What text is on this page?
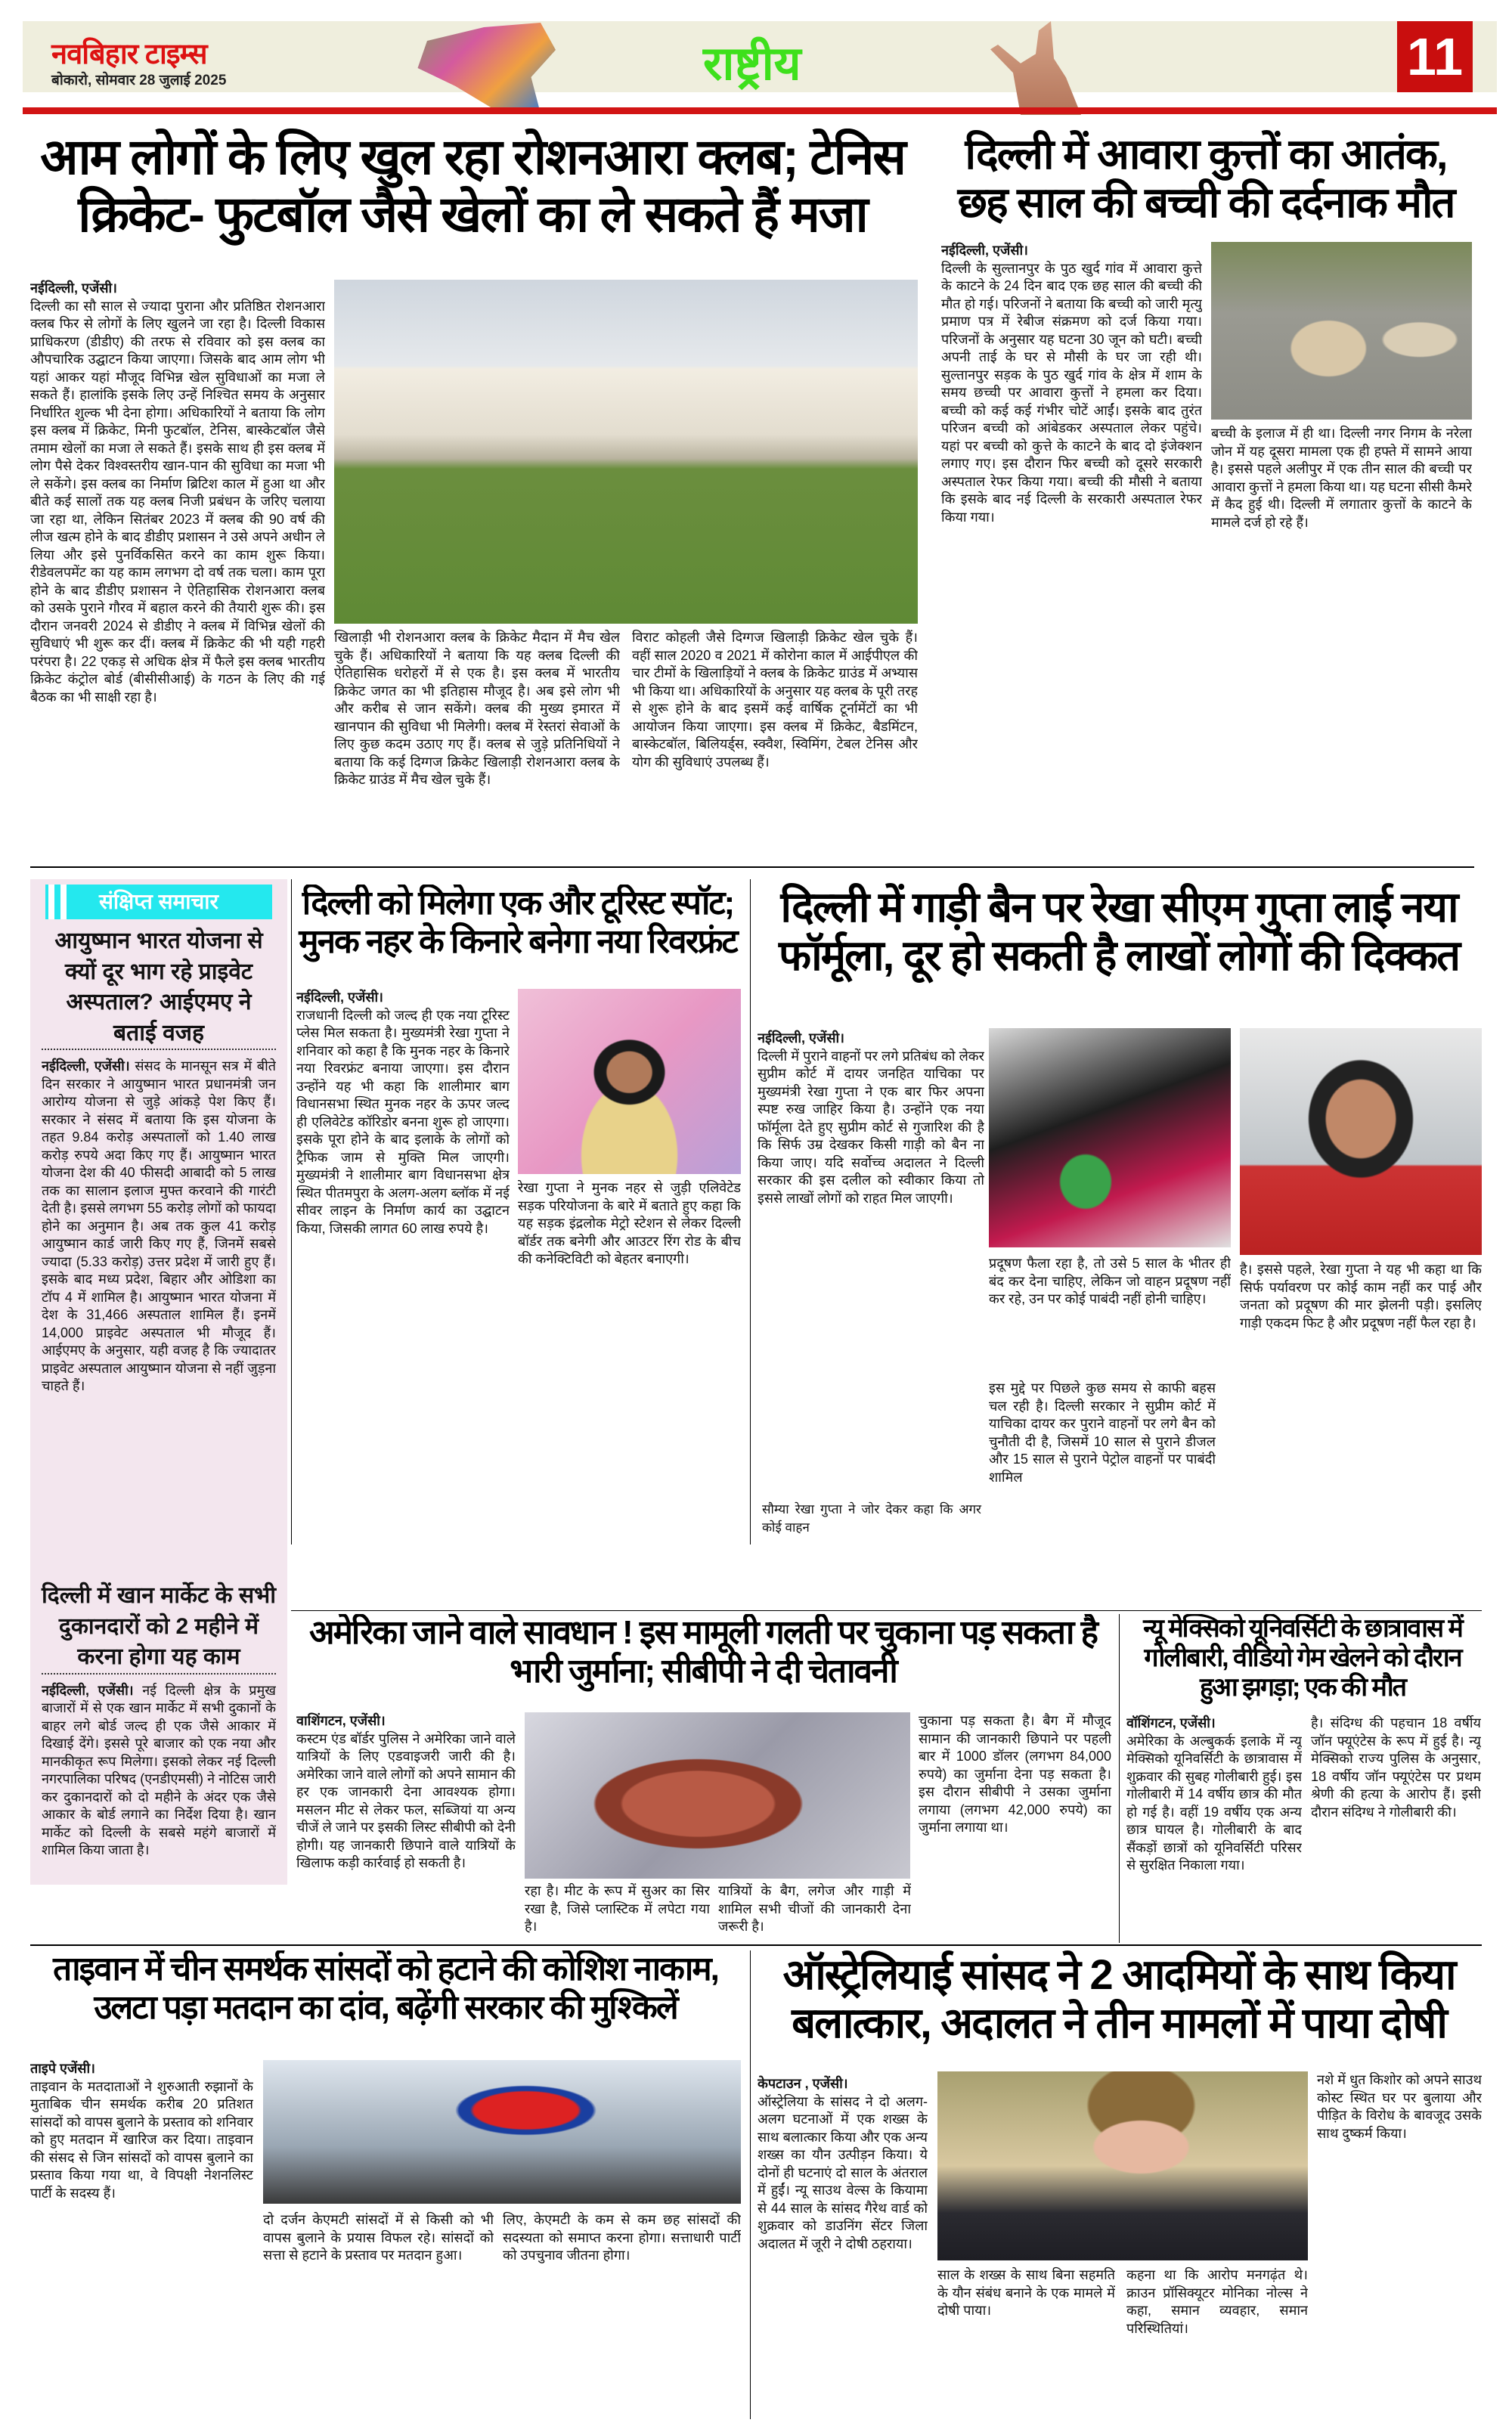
नवबिहार टाइम्स
बोकारो, सोमवार 28 जुलाई 2025	राष्ट्रीय	11
आम लोगों के लिए खुल रहा रोशनआरा क्लब; टेनिस क्रिकेट- फुटबॉल जैसे खेलों का ले सकते हैं मजा
नईदिल्ली, एजेंसी।
दिल्ली का सौ साल से ज्यादा पुराना और प्रतिष्ठित रोशनआरा क्लब फिर से लोगों के लिए खुलने जा रहा है। दिल्ली विकास प्राधिकरण (डीडीए) की तरफ से रविवार को इस क्लब का औपचारिक उद्घाटन किया जाएगा। जिसके बाद आम लोग भी यहां आकर यहां मौजूद विभिन्न खेल सुविधाओं का मजा ले सकते हैं। हालांकि इसके लिए उन्हें निश्चित समय के अनुसार निर्धारित शुल्क भी देना होगा। अधिकारियों ने बताया कि लोग इस क्लब में क्रिकेट, मिनी फुटबॉल, टेनिस, बास्केटबॉल जैसे तमाम खेलों का मजा ले सकते हैं। इसके साथ ही इस क्लब में लोग पैसे देकर विश्वस्तरीय खान-पान की सुविधा का मजा भी ले सकेंगे। इस क्लब का निर्माण ब्रिटिश काल में हुआ था और बीते कई सालों तक यह क्लब निजी प्रबंधन के जरिए चलाया जा रहा था, लेकिन सितंबर 2023 में क्लब की 90 वर्ष की लीज खत्म होने के बाद डीडीए प्रशासन ने उसे अपने अधीन ले लिया और इसे पुनर्विकसित करने का काम शुरू किया। रीडेवलपमेंट का यह काम लगभग दो वर्ष तक चला। काम पूरा होने के बाद डीडीए प्रशासन ने ऐतिहासिक रोशनआरा क्लब को उसके पुराने गौरव में बहाल करने की तैयारी शुरू की। इस दौरान जनवरी 2024 से डीडीए ने क्लब में विभिन्न खेलों की सुविधाएं भी शुरू कर दीं। क्लब में क्रिकेट की भी यही गहरी परंपरा है। 22 एकड़ से अधिक क्षेत्र में फैले इस क्लब भारतीय क्रिकेट कंट्रोल बोर्ड (बीसीसीआई) के गठन के लिए की गई बैठक का भी साक्षी रहा है।
खिलाड़ी भी रोशनआरा क्लब के क्रिकेट मैदान में मैच खेल चुके हैं। अधिकारियों ने बताया कि यह क्लब दिल्ली की ऐतिहासिक धरोहरों में से एक है। इस क्लब में भारतीय क्रिकेट जगत का भी इतिहास मौजूद है। अब इसे लोग भी और करीब से जान सकेंगे। क्लब की मुख्य इमारत में खानपान की सुविधा भी मिलेगी। क्लब में रेस्तरां सेवाओं के लिए कुछ कदम उठाए गए हैं। क्लब से जुड़े प्रतिनिधियों ने बताया कि कई दिग्गज क्रिकेट खिलाड़ी रोशनआरा क्लब के क्रिकेट ग्राउंड में मैच खेल चुके हैं।
विराट कोहली जैसे दिग्गज खिलाड़ी क्रिकेट खेल चुके हैं। वहीं साल 2020 व 2021 में कोरोना काल में आईपीएल की चार टीमों के खिलाड़ियों ने क्लब के क्रिकेट ग्राउंड में अभ्यास भी किया था। अधिकारियों के अनुसार यह क्लब के पूरी तरह से शुरू होने के बाद इसमें कई वार्षिक टूर्नामेंटों का भी आयोजन किया जाएगा। इस क्लब में क्रिकेट, बैडमिंटन, बास्केटबॉल, बिलियर्ड्स, स्क्वैश, स्विमिंग, टेबल टेनिस और योग की सुविधाएं उपलब्ध हैं।
दिल्ली में आवारा कुत्तों का आतंक, छह साल की बच्ची की दर्दनाक मौत
नईदिल्ली, एजेंसी।
दिल्ली के सुल्तानपुर के पुठ खुर्द गांव में आवारा कुत्ते के काटने के 24 दिन बाद एक छह साल की बच्ची की मौत हो गई। परिजनों ने बताया कि बच्ची को जारी मृत्यु प्रमाण पत्र में रेबीज संक्रमण को दर्ज किया गया। परिजनों के अनुसार यह घटना 30 जून को घटी। बच्ची अपनी ताई के घर से मौसी के घर जा रही थी। सुल्तानपुर सड़क के पुठ खुर्द गांव के क्षेत्र में शाम के समय छच्ची पर आवारा कुत्तों ने हमला कर दिया। बच्ची को कई कई गंभीर चोटें आईं। इसके बाद तुरंत परिजन बच्ची को आंबेडकर अस्पताल लेकर पहुंचे। यहां पर बच्ची को कुत्ते के काटने के बाद दो इंजेक्शन लगाए गए। इस दौरान फिर बच्ची को दूसरे सरकारी अस्पताल रेफर किया गया। बच्ची की मौसी ने बताया कि इसके बाद नई दिल्ली के सरकारी अस्पताल रेफर किया गया।
बच्ची के इलाज में ही था। दिल्ली नगर निगम के नरेला जोन में यह दूसरा मामला एक ही हफ्ते में सामने आया है। इससे पहले अलीपुर में एक तीन साल की बच्ची पर आवारा कुत्तों ने हमला किया था। यह घटना सीसी कैमरे में कैद हुई थी। दिल्ली में लगातार कुत्तों के काटने के मामले दर्ज हो रहे हैं।
संक्षिप्त समाचार
आयुष्मान भारत योजना से क्यों दूर भाग रहे प्राइवेट अस्पताल? आईएमए ने बताई वजह
नईदिल्ली, एजेंसी। संसद के मानसून सत्र में बीते दिन सरकार ने आयुष्मान भारत प्रधानमंत्री जन आरोग्य योजना से जुड़े आंकड़े पेश किए हैं। सरकार ने संसद में बताया कि इस योजना के तहत 9.84 करोड़ अस्पतालों को 1.40 लाख करोड़ रुपये अदा किए गए हैं। आयुष्मान भारत योजना देश की 40 फीसदी आबादी को 5 लाख तक का सालान इलाज मुफ्त करवाने की गारंटी देती है। इससे लगभग 55 करोड़ लोगों को फायदा होने का अनुमान है। अब तक कुल 41 करोड़ आयुष्मान कार्ड जारी किए गए हैं, जिनमें सबसे ज्यादा (5.33 करोड़) उत्तर प्रदेश में जारी हुए हैं। इसके बाद मध्य प्रदेश, बिहार और ओडिशा का टॉप 4 में शामिल है। आयुष्मान भारत योजना में देश के 31,466 अस्पताल शामिल हैं। इनमें 14,000 प्राइवेट अस्पताल भी मौजूद हैं। आईएमए के अनुसार, यही वजह है कि ज्यादातर प्राइवेट अस्पताल आयुष्मान योजना से नहीं जुड़ना चाहते हैं।
दिल्ली में खान मार्केट के सभी दुकानदारों को 2 महीने में करना होगा यह काम
नईदिल्ली, एजेंसी। नई दिल्ली क्षेत्र के प्रमुख बाजारों में से एक खान मार्केट में सभी दुकानों के बाहर लगे बोर्ड जल्द ही एक जैसे आकार में दिखाई देंगे। इससे पूरे बाजार को एक नया और मानकीकृत रूप मिलेगा। इसको लेकर नई दिल्ली नगरपालिका परिषद (एनडीएमसी) ने नोटिस जारी कर दुकानदारों को दो महीने के अंदर एक जैसे आकार के बोर्ड लगाने का निर्देश दिया है। खान मार्केट को दिल्ली के सबसे महंगे बाजारों में शामिल किया जाता है।
दिल्ली को मिलेगा एक और टूरिस्ट स्पॉट; मुनक नहर के किनारे बनेगा नया रिवरफ्रंट
नईदिल्ली, एजेंसी।
राजधानी दिल्ली को जल्द ही एक नया टूरिस्ट प्लेस मिल सकता है। मुख्यमंत्री रेखा गुप्ता ने शनिवार को कहा है कि मुनक नहर के किनारे नया रिवरफ्रंट बनाया जाएगा। इस दौरान उन्होंने यह भी कहा कि शालीमार बाग विधानसभा स्थित मुनक नहर के ऊपर जल्द ही एलिवेटेड कॉरिडोर बनना शुरू हो जाएगा। इसके पूरा होने के बाद इलाके के लोगों को ट्रैफिक जाम से मुक्ति मिल जाएगी। मुख्यमंत्री ने शालीमार बाग विधानसभा क्षेत्र स्थित पीतमपुरा के अलग-अलग ब्लॉक में नई सीवर लाइन के निर्माण कार्य का उद्घाटन किया, जिसकी लागत 60 लाख रुपये है।
रेखा गुप्ता ने मुनक नहर से जुड़ी एलिवेटेड सड़क परियोजना के बारे में बताते हुए कहा कि यह सड़क इंद्रलोक मेट्रो स्टेशन से लेकर दिल्ली बॉर्डर तक बनेगी और आउटर रिंग रोड के बीच की कनेक्टिविटी को बेहतर बनाएगी।
दिल्ली में गाड़ी बैन पर रेखा सीएम गुप्ता लाई नया फॉर्मूला, दूर हो सकती है लाखों लोगों की दिक्कत
नईदिल्ली, एजेंसी।
दिल्ली में पुराने वाहनों पर लगे प्रतिबंध को लेकर सुप्रीम कोर्ट में दायर जनहित याचिका पर मुख्यमंत्री रेखा गुप्ता ने एक बार फिर अपना स्पष्ट रुख जाहिर किया है। उन्होंने एक नया फॉर्मूला देते हुए सुप्रीम कोर्ट से गुजारिश की है कि सिर्फ उम्र देखकर किसी गाड़ी को बैन ना किया जाए। यदि सर्वोच्च अदालत ने दिल्ली सरकार की इस दलील को स्वीकार किया तो इससे लाखों लोगों को राहत मिल जाएगी।
प्रदूषण फैला रहा है, तो उसे 5 साल के भीतर ही बंद कर देना चाहिए, लेकिन जो वाहन प्रदूषण नहीं कर रहे, उन पर कोई पाबंदी नहीं होनी चाहिए।
सौम्या रेखा गुप्ता ने जोर देकर कहा कि अगर कोई वाहन
इस मुद्दे पर पिछले कुछ समय से काफी बहस चल रही है। दिल्ली सरकार ने सुप्रीम कोर्ट में याचिका दायर कर पुराने वाहनों पर लगे बैन को चुनौती दी है, जिसमें 10 साल से पुराने डीजल और 15 साल से पुराने पेट्रोल वाहनों पर पाबंदी शामिल
है। इससे पहले, रेखा गुप्ता ने यह भी कहा था कि सिर्फ पर्यावरण पर कोई काम नहीं कर पाई और जनता को प्रदूषण की मार झेलनी पड़ी। इसलिए गाड़ी एकदम फिट है और प्रदूषण नहीं फैल रहा है।
अमेरिका जाने वाले सावधान ! इस मामूली गलती पर चुकाना पड़ सकता है भारी जुर्माना; सीबीपी ने दी चेतावनी
वाशिंगटन, एजेंसी।
कस्टम एंड बॉर्डर पुलिस ने अमेरिका जाने वाले यात्रियों के लिए एडवाइजरी जारी की है। अमेरिका जाने वाले लोगों को अपने सामान की हर एक जानकारी देना आवश्यक होगा। मसलन मीट से लेकर फल, सब्जियां या अन्य चीजें ले जाने पर इसकी लिस्ट सीबीपी को देनी होगी। यह जानकारी छिपाने वाले यात्रियों के खिलाफ कड़ी कार्रवाई हो सकती है।
रहा है। मीट के रूप में सुअर का सिर रखा है, जिसे प्लास्टिक में लपेटा गया है।
यात्रियों के बैग, लगेज और गाड़ी में शामिल सभी चीजों की जानकारी देना जरूरी है।
चुकाना पड़ सकता है। बैग में मौजूद सामान की जानकारी छिपाने पर पहली बार में 1000 डॉलर (लगभग 84,000 रुपये) का जुर्माना देना पड़ सकता है। इस दौरान सीबीपी ने उसका जुर्माना लगाया (लगभग 42,000 रुपये) का जुर्माना लगाया था।
न्यू मेक्सिको यूनिवर्सिटी के छात्रावास में गोलीबारी, वीडियो गेम खेलने को दौरान हुआ झगड़ा; एक की मौत
वॉशिंगटन, एजेंसी।
अमेरिका के अल्बुकर्क इलाके में न्यू मेक्सिको यूनिवर्सिटी के छात्रावास में शुक्रवार की सुबह गोलीबारी हुई। इस गोलीबारी में 14 वर्षीय छात्र की मौत हो गई है। वहीं 19 वर्षीय एक अन्य छात्र घायल है। गोलीबारी के बाद सैंकड़ों छात्रों को यूनिवर्सिटी परिसर से सुरक्षित निकाला गया।
है। संदिग्ध की पहचान 18 वर्षीय जॉन फ्यूएंटेस के रूप में हुई है। न्यू मेक्सिको राज्य पुलिस के अनुसार, 18 वर्षीय जॉन फ्यूएंटेस पर प्रथम श्रेणी की हत्या के आरोप हैं। इसी दौरान संदिग्ध ने गोलीबारी की।
ताइवान में चीन समर्थक सांसदों को हटाने की कोशिश नाकाम, उलटा पड़ा मतदान का दांव, बढ़ेंगी सरकार की मुश्किलें
ताइपे एजेंसी।
ताइवान के मतदाताओं ने शुरुआती रुझानों के मुताबिक चीन समर्थक करीब 20 प्रतिशत सांसदों को वापस बुलाने के प्रस्ताव को शनिवार को हुए मतदान में खारिज कर दिया। ताइवान की संसद से जिन सांसदों को वापस बुलाने का प्रस्ताव किया गया था, वे विपक्षी नेशनलिस्ट पार्टी के सदस्य हैं।
दो दर्जन केएमटी सांसदों में से किसी को भी वापस बुलाने के प्रयास विफल रहे। सांसदों को सत्ता से हटाने के प्रस्ताव पर मतदान हुआ।
लिए, केएमटी के कम से कम छह सांसदों की सदस्यता को समाप्त करना होगा। सत्ताधारी पार्टी को उपचुनाव जीतना होगा।
ऑस्ट्रेलियाई सांसद ने 2 आदमियों के साथ किया बलात्कार, अदालत ने तीन मामलों में पाया दोषी
केपटाउन , एजेंसी।
ऑस्ट्रेलिया के सांसद ने दो अलग-अलग घटनाओं में एक शख्स के साथ बलात्कार किया और एक अन्य शख्स का यौन उत्पीड़न किया। ये दोनों ही घटनाएं दो साल के अंतराल में हुईं। न्यू साउथ वेल्स के कियामा से 44 साल के सांसद गैरेथ वार्ड को शुक्रवार को डाउनिंग सेंटर जिला अदालत में जूरी ने दोषी ठहराया।
साल के शख्स के साथ बिना सहमति के यौन संबंध बनाने के एक मामले में दोषी पाया।
कहना था कि आरोप मनगढ़ंत थे। क्राउन प्रॉसिक्यूटर मोनिका नोल्स ने कहा, समान व्यवहार, समान परिस्थितियां।
नशे में धुत किशोर को अपने साउथ कोस्ट स्थित घर पर बुलाया और पीड़ित के विरोध के बावजूद उसके साथ दुष्कर्म किया।
